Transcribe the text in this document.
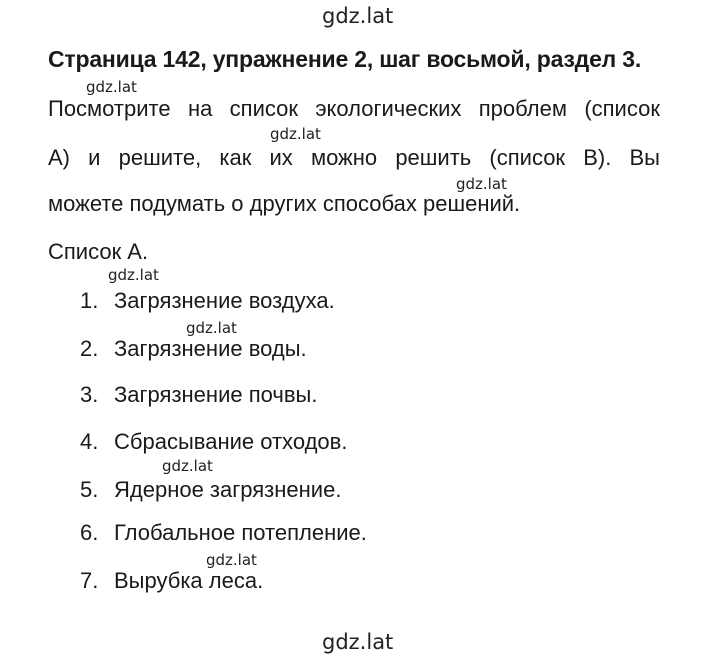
gdz.lat
gdz.lat
gdz.lat
gdz.lat
gdz.lat
gdz.lat
gdz.lat
gdz.lat
gdz.lat
Страница 142, упражнение 2, шаг восьмой, раздел 3.
Посмотрите на список экологических проблем (список
А) и решите, как их можно решить (список В). Вы
можете подумать о других способах решений.
Список А.
1. Загрязнение воздуха.
2. Загрязнение воды.
3. Загрязнение почвы.
4. Сбрасывание отходов.
5. Ядерное загрязнение.
6. Глобальное потепление.
7. Вырубка леса.
